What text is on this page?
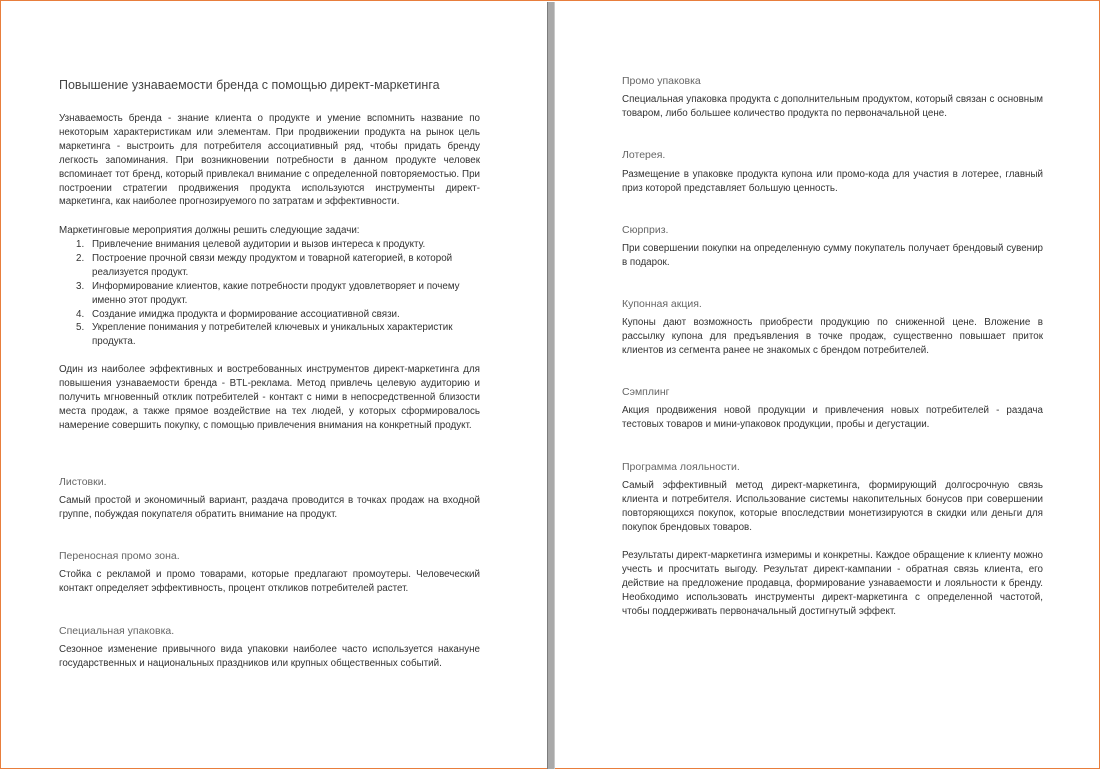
Повышение узнаваемости бренда с помощью директ-маркетинга

Узнаваемость бренда - знание клиента о продукте и умение вспомнить название по некоторым характеристикам или элементам. При продвижении продукта на рынок цель маркетинга - выстроить для потребителя ассоциативный ряд, чтобы придать бренду легкость запоминания. При возникновении потребности в данном продукте человек вспоминает тот бренд, который привлекал внимание с определенной повторяемостью. При построении стратегии продвижения продукта используются инструменты директ-маркетинга, как наиболее прогнозируемого по затратам и эффективности.

Маркетинговые мероприятия должны решить следующие задачи:

1. Привлечение внимания целевой аудитории и вызов интереса к продукту.
2. Построение прочной связи между продуктом и товарной категорией, в которой реализуется продукт.
3. Информирование клиентов, какие потребности продукт удовлетворяет и почему именно этот продукт.
4. Создание имиджа продукта и формирование ассоциативной связи.
5. Укрепление понимания у потребителей ключевых и уникальных характеристик продукта.

Один из наиболее эффективных и востребованных инструментов директ-маркетинга для повышения узнаваемости бренда - BTL-реклама. Метод привлечь целевую аудиторию и получить мгновенный отклик потребителей - контакт с ними в непосредственной близости места продаж, а также прямое воздействие на тех людей, у которых сформировалось намерение совершить покупку, с помощью привлечения внимания на конкретный продукт.

Листовки.

Самый простой и экономичный вариант, раздача проводится в точках продаж на входной группе, побуждая покупателя обратить внимание на продукт.

Переносная промо зона.

Стойка с рекламой и промо товарами, которые предлагают промоутеры. Человеческий контакт определяет эффективность, процент откликов потребителей растет.

Специальная упаковка.

Сезонное изменение привычного вида упаковки наиболее часто используется накануне государственных и национальных праздников или крупных общественных событий.

Промо упаковка

Специальная упаковка продукта с дополнительным продуктом, который связан с основным товаром, либо большее количество продукта по первоначальной цене.

Лотерея.

Размещение в упаковке продукта купона или промо-кода для участия в лотерее, главный приз которой представляет большую ценность.

Сюрприз.

При совершении покупки на определенную сумму покупатель получает брендовый сувенир в подарок.

Купонная акция.

Купоны дают возможность приобрести продукцию по сниженной цене. Вложение в рассылку купона для предъявления в точке продаж, существенно повышает приток клиентов из сегмента ранее не знакомых с брендом потребителей.

Сэмплинг

Акция продвижения новой продукции и привлечения новых потребителей - раздача тестовых товаров и мини-упаковок продукции, пробы и дегустации.

Программа лояльности.

Самый эффективный метод директ-маркетинга, формирующий долгосрочную связь клиента и потребителя. Использование системы накопительных бонусов при совершении повторяющихся покупок, которые впоследствии монетизируются в скидки или деньги для покупок брендовых товаров.

Результаты директ-маркетинга измеримы и конкретны. Каждое обращение к клиенту можно учесть и просчитать выгоду. Результат директ-кампании - обратная связь клиента, его действие на предложение продавца, формирование узнаваемости и лояльности к бренду. Необходимо использовать инструменты директ-маркетинга с определенной частотой, чтобы поддерживать первоначальный достигнутый эффект.
